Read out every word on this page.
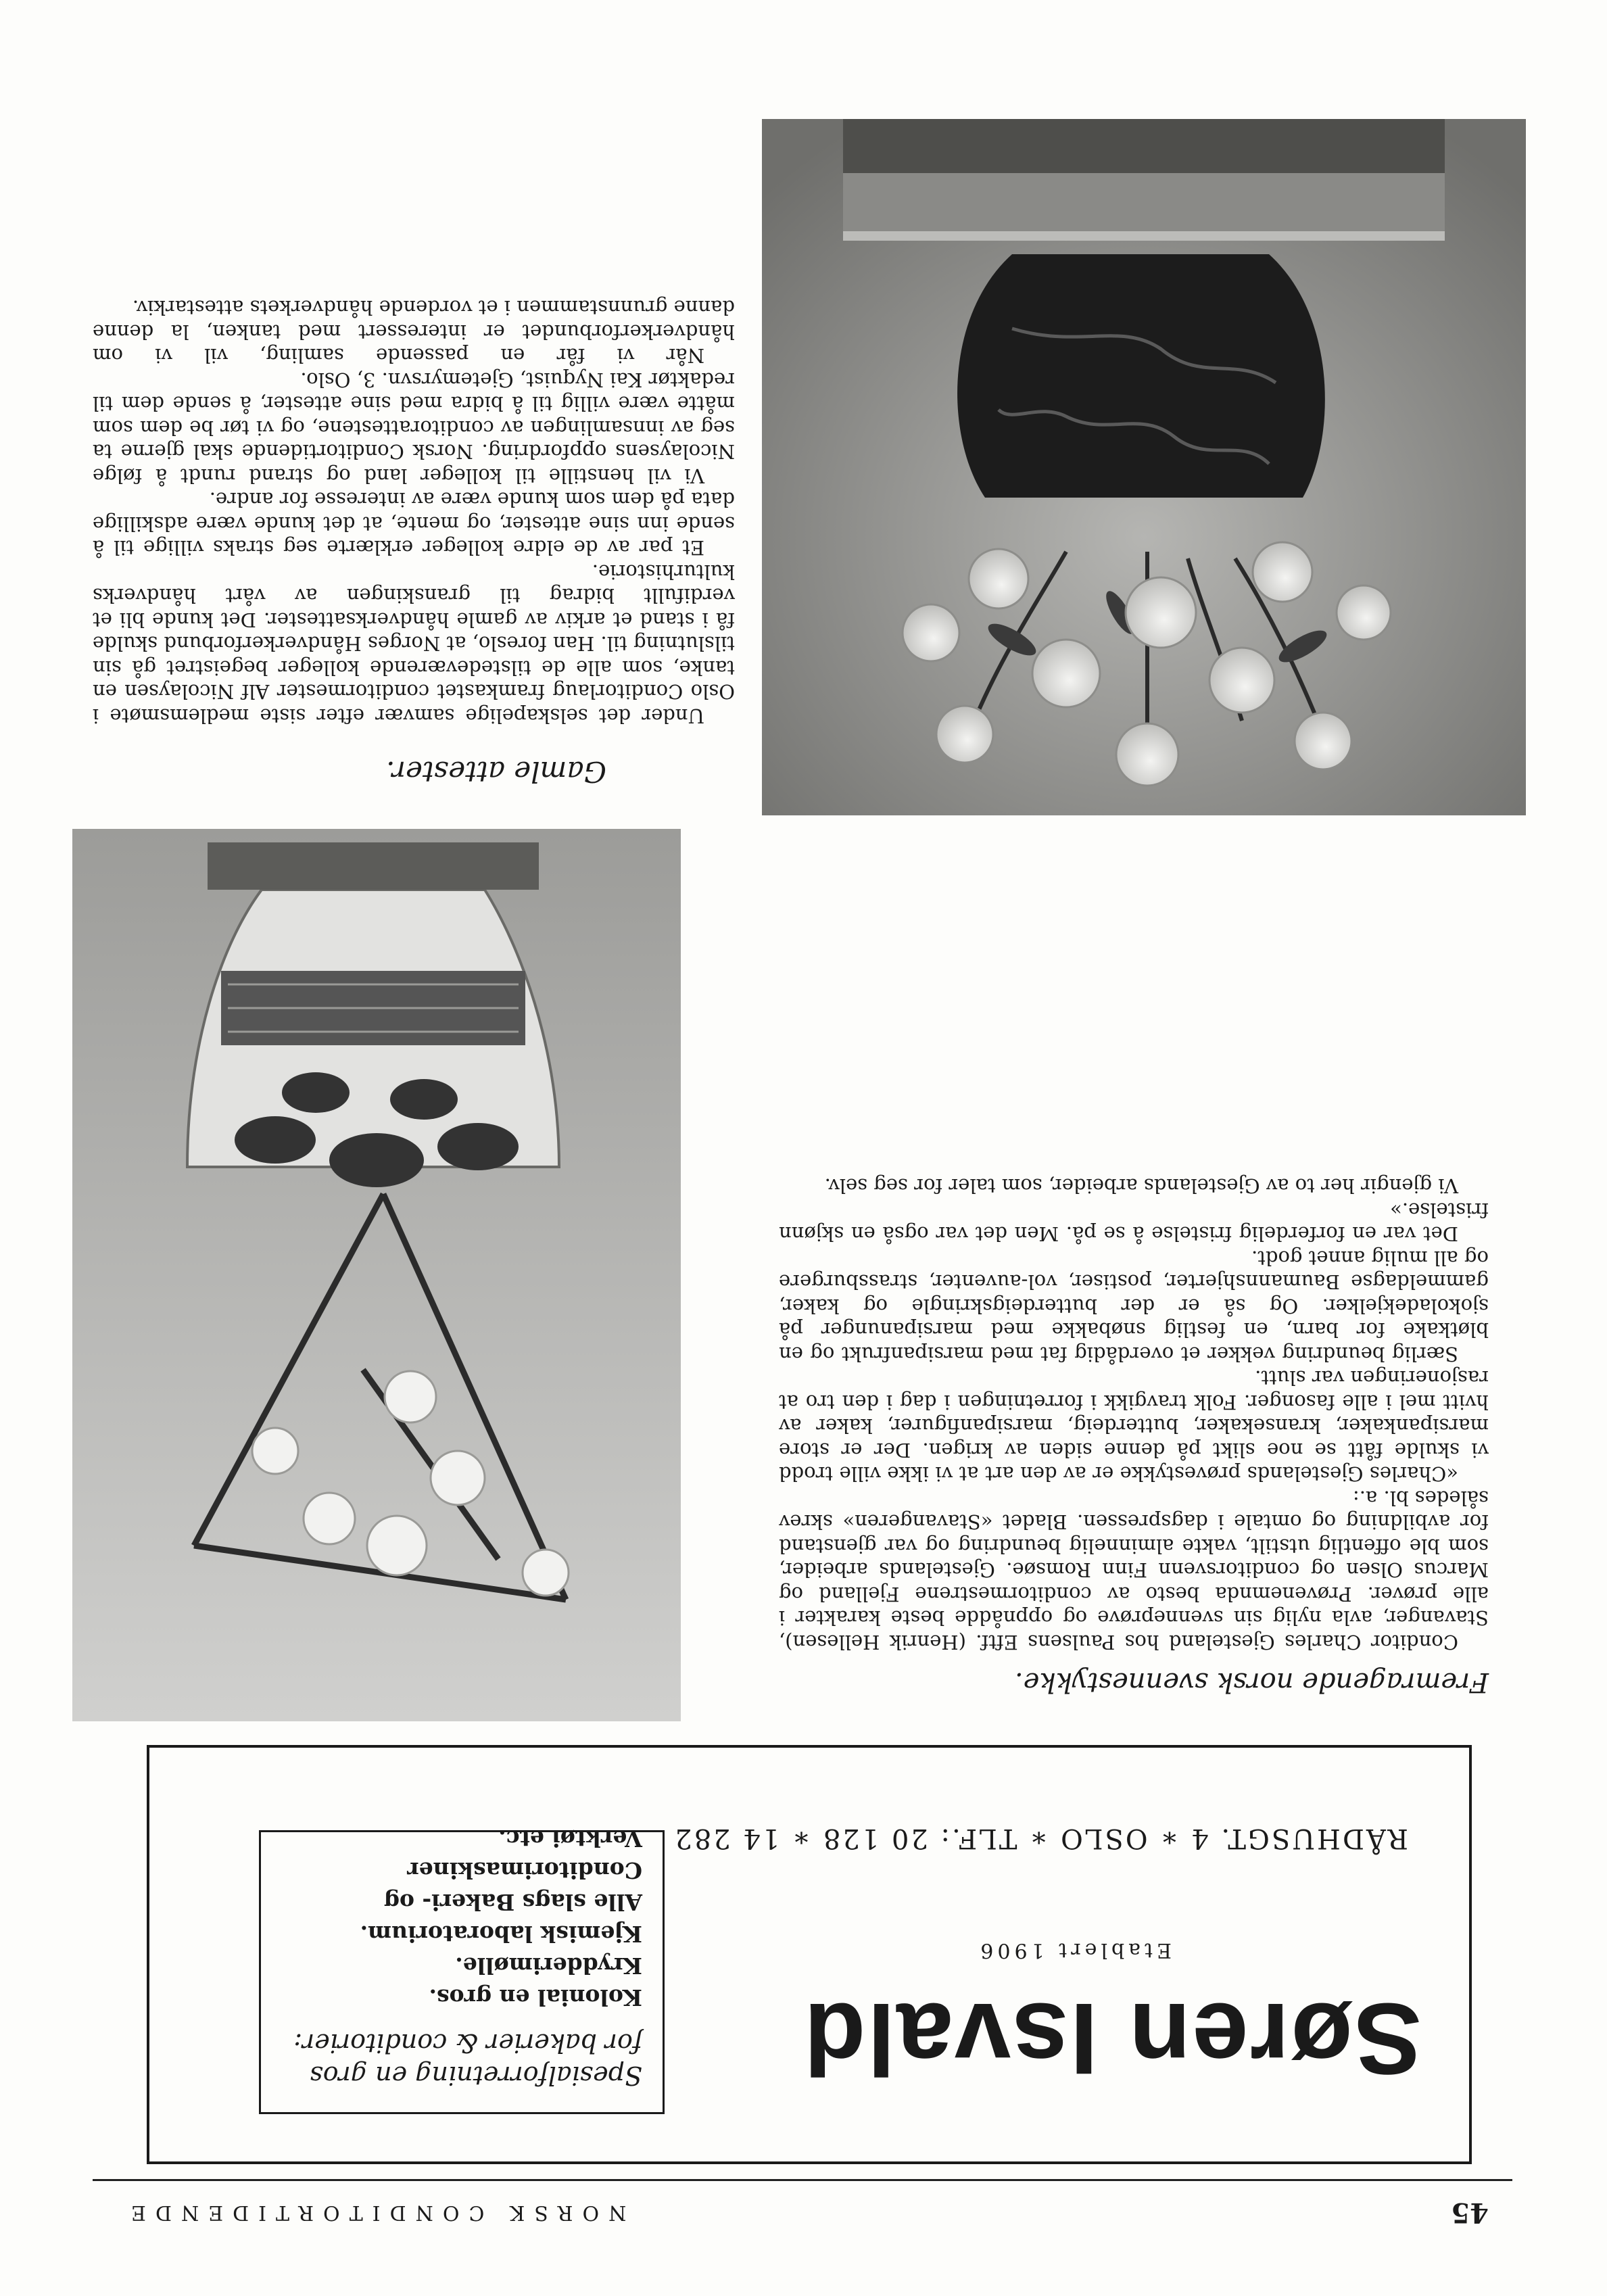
45
NORSK CONDITORTIDENDE
Søren Isvald
Etablert 1906
RÅDHUSGT. 4 ∗ OSLO ∗ TLF.: 20 128 ∗ 14 282
Spesialforretning en gros for bakerier & conditorier:
Kolonial en gros.
Krydderimølle.
Kjemisk laboratorium.
Alle slags Bakeri- og
Conditorimaskiner
Verktøi etc.
Fremragende norsk svennestykke.

Conditor Charles Gjesteland hos Paulsens Eftf. (Henrik Hellesen), Stavanger, avla nylig sin svenneprøve og oppnådde beste karakter i alle prøver. Prøvenemnda besto av conditormestrene Fjelland og Marcus Olsen og conditorsvenn Finn Romsøe. Gjestelands arbeider, som ble offentlig utstilt, vakte alminnelig beundring og var gjenstand for avbildning og omtale i dagspressen. Bladet «Stavangeren» skrev således bl. a.:

«Charles Gjestelands prøvestykke er av den art at vi ikke ville trodd vi skulde fått se noe slikt på denne siden av krigen. Der er store marsipankaker, kransekaker, butterdeig, marsipanfigurer, kaker av hvitt mel i alle fasonger. Folk travgikk i forretningen i dag i den tro at rasjoneringen var slutt.

Særlig beundring vekker et overdådig fat med marsipanfrukt og en bløtkake for barn, en festlig snøbakke med marsipanunger på sjokoladekjelker. Og så er der butterdeigskringle og kaker, gammeldagse Baumannshjerter, postiser, vol-auventer, strassburgere og all mulig annet godt.

Det var en forferdelig fristelse å se på. Men det var også en skjønn fristelse.»

Vi gjengir her to av Gjestelands arbeider, som taler for seg selv.

Gamle attester.

Under det selskapelige samvær efter siste medlemsmøte i Oslo Conditorlaug framkastet conditormester Alf Nicolaysen en tanke, som alle de tilstedeværende kolleger begeistret gå sin tilslutning til. Han foreslo, at Norges Håndverkerforbund skulde få i stand et arkiv av gamle håndverksattester. Det kunde bli et verdifullt bidrag til granskingen av vårt håndverks kulturhistorie.

Et par av de eldre kolleger erklærte seg straks villige til å sende inn sine attester, og mente, at det kunde være adskillige data på dem som kunde være av interesse for andre.

Vi vil henstille til kolleger land og strand rundt å følge Nicolaysens oppfordring. Norsk Conditortidende skal gjerne ta seg av innsamlingen av conditorattestene, og vi tør be dem som måtte være villig til å bidra med sine attester, å sende dem til redaktør Kai Nyquist, Gjetemyrsvn. 3, Oslo.

Når vi får en passende samling, vil vi om håndverkerforbundet er interessert med tanken, la denne danne grunnstammen i et vordende håndverkets attestarkiv.
